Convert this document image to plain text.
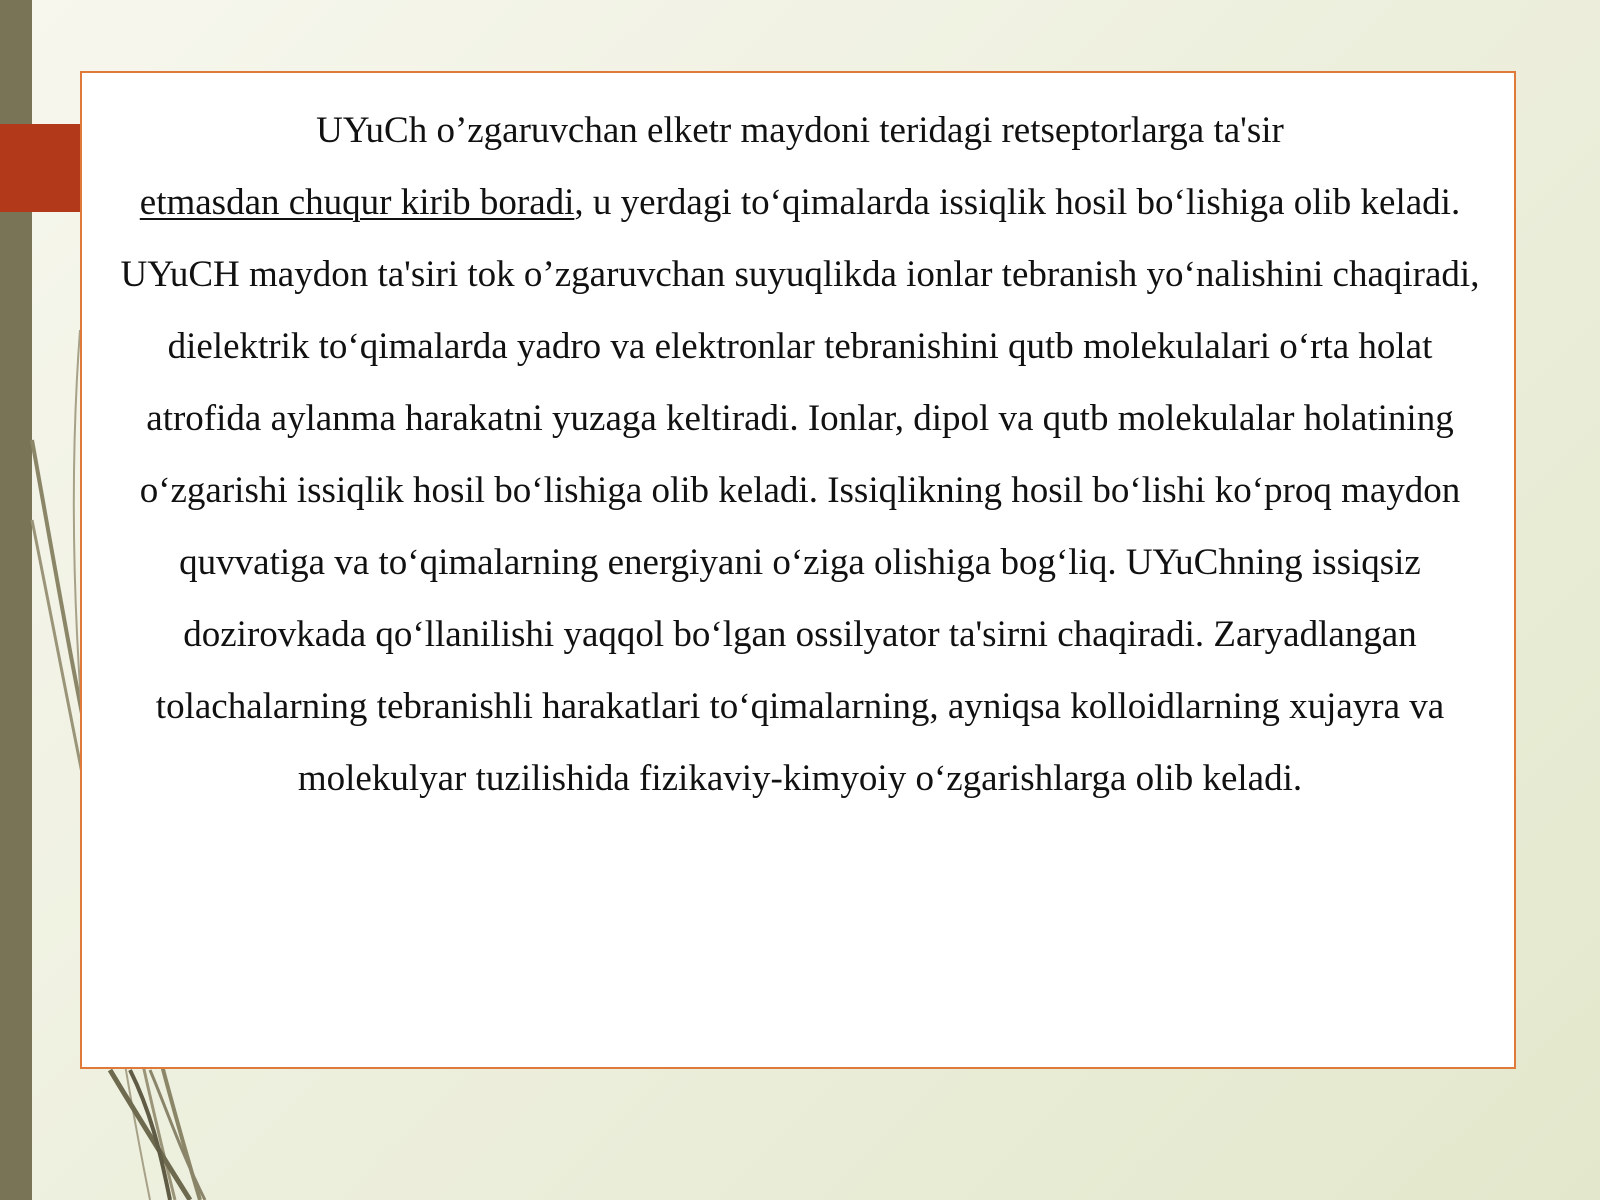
UYuCh o’zgaruvchan elketr maydoni teridagi retseptorlarga ta's​ir
etmasdan chuqur kirib boradi, u yerdagi to‘qimalarda issiqlik hosil bo‘lishiga olib keladi. UYuCH maydon ta'siri tok o’zgaruvchan suyuqlikda ionlar tebranish yo‘nalishini chaqiradi, dielektrik to‘qimalarda yadro va elektronlar tebranishini qutb molekulalari o‘rta holat atrofida aylanma harakatni yuzaga keltiradi. Ionlar, dipol va qutb molekulalar holatining o‘zgarishi issiqlik hosil bo‘lishiga olib keladi. Issiqlikning hosil bo‘lishi ko‘proq maydon quvvatiga va to‘qimalarning energiyani o‘ziga olishiga bog‘liq. UYuChning issiqsiz dozirovkada qo‘llanilishi yaqqol bo‘lgan ossilyator ta'sirni chaqiradi. Zaryadlangan tolachalarning tebranishli harakatlari to‘qimalarning, ayniqsa kolloidlarning xujayra va molekulyar tuzilishida fizikaviy-kimyoiy o‘zgarishlarga olib keladi.
